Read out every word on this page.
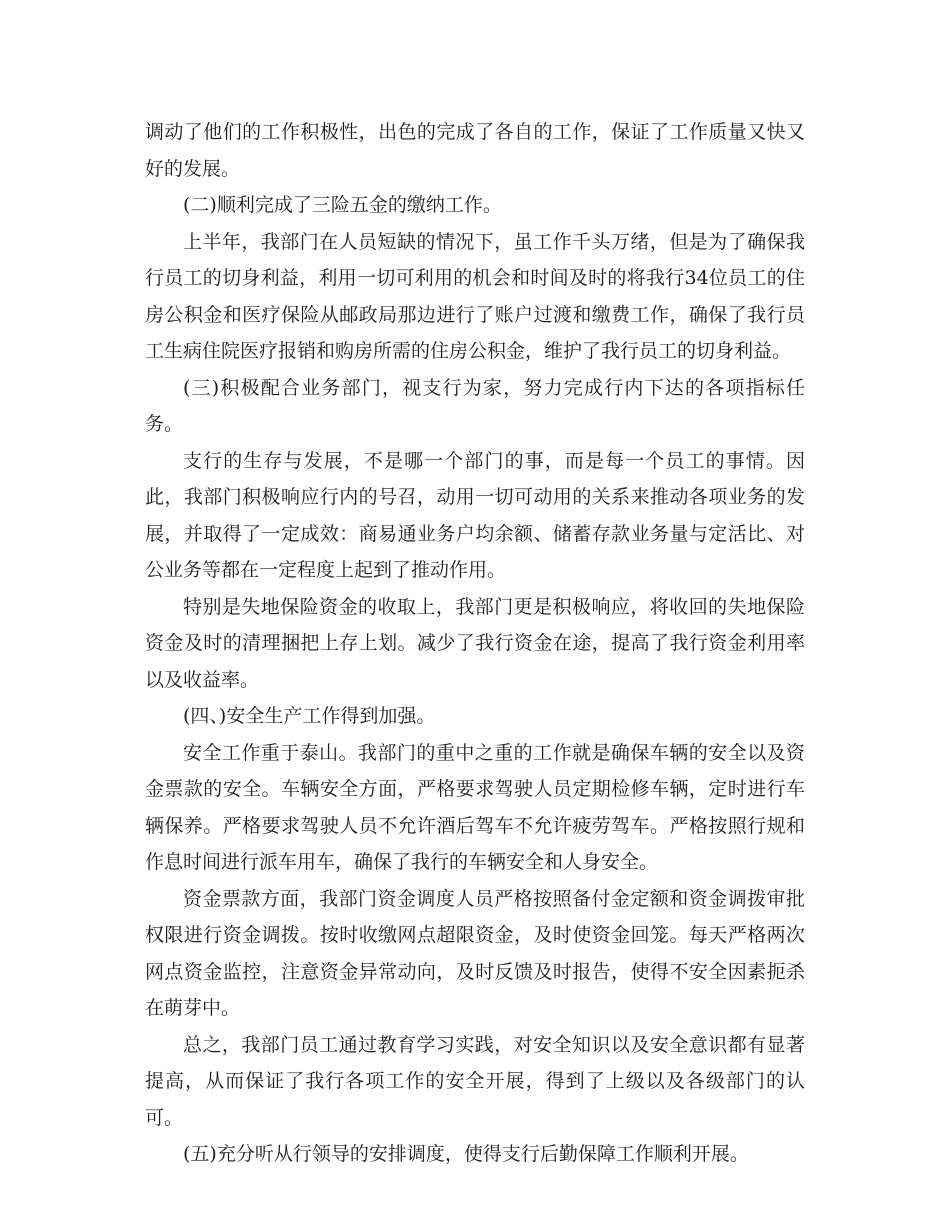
调动了他们的工作积极性，出色的完成了各自的工作，保证了工作质量又快又好的发展。

(二)顺利完成了三险五金的缴纳工作。

上半年，我部门在人员短缺的情况下，虽工作千头万绪，但是为了确保我行员工的切身利益，利用一切可利用的机会和时间及时的将我行34位员工的住房公积金和医疗保险从邮政局那边进行了账户过渡和缴费工作，确保了我行员工生病住院医疗报销和购房所需的住房公积金，维护了我行员工的切身利益。

(三)积极配合业务部门，视支行为家，努力完成行内下达的各项指标任务。

支行的生存与发展，不是哪一个部门的事，而是每一个员工的事情。因此，我部门积极响应行内的号召，动用一切可动用的关系来推动各项业务的发展，并取得了一定成效：商易通业务户均余额、储蓄存款业务量与定活比、对公业务等都在一定程度上起到了推动作用。

特别是失地保险资金的收取上，我部门更是积极响应，将收回的失地保险资金及时的清理捆把上存上划。减少了我行资金在途，提高了我行资金利用率以及收益率。

(四、)安全生产工作得到加强。

安全工作重于泰山。我部门的重中之重的工作就是确保车辆的安全以及资金票款的安全。车辆安全方面，严格要求驾驶人员定期检修车辆，定时进行车辆保养。严格要求驾驶人员不允许酒后驾车不允许疲劳驾车。严格按照行规和作息时间进行派车用车，确保了我行的车辆安全和人身安全。

资金票款方面，我部门资金调度人员严格按照备付金定额和资金调拨审批权限进行资金调拨。按时收缴网点超限资金，及时使资金回笼。每天严格两次网点资金监控，注意资金异常动向，及时反馈及时报告，使得不安全因素扼杀在萌芽中。

总之，我部门员工通过教育学习实践，对安全知识以及安全意识都有显著提高，从而保证了我行各项工作的安全开展，得到了上级以及各级部门的认可。

(五)充分听从行领导的安排调度，使得支行后勤保障工作顺利开展。
